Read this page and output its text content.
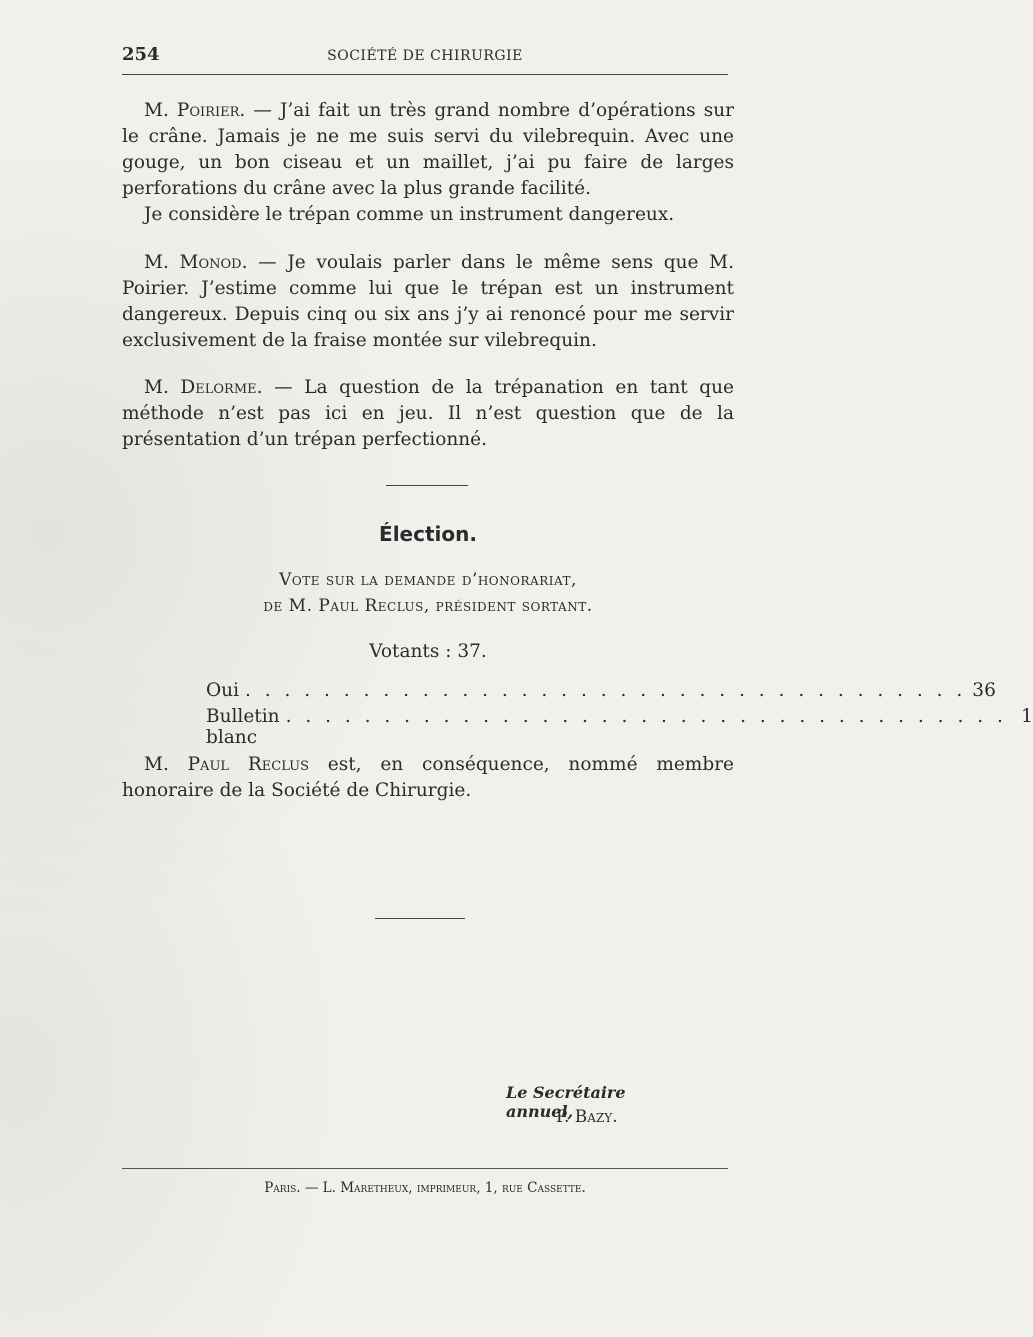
254	SOCIÉTÉ DE CHIRURGIE

M. Poirier. — J’ai fait un très grand nombre d’opérations sur le crâne. Jamais je ne me suis servi du vilebrequin. Avec une gouge, un bon ciseau et un maillet, j’ai pu faire de larges perforations du crâne avec la plus grande facilité.

Je considère le trépan comme un instrument dangereux.

M. Monod. — Je voulais parler dans le même sens que M. Poirier. J’estime comme lui que le trépan est un instrument dangereux. Depuis cinq ou six ans j’y ai renoncé pour me servir exclusivement de la fraise montée sur vilebrequin.

M. Delorme. — La question de la trépanation en tant que méthode n’est pas ici en jeu. Il n’est question que de la présentation d’un trépan perfectionné.

Élection.
Vote sur la demande d’honorariat,
de M. Paul Reclus, président sortant.
Votants : 37.
Oui . . . . . . . . . . . . . . . . . . . . . . . . . . . . . . . . . . . . . 36
Bulletin blanc
. . . . . . . . . . . . . . . . . . . . . . . . . . . . . . . . . . . . . 1

M. Paul Reclus est, en conséquence, nommé membre honoraire de la Société de Chirurgie.

Le Secrétaire annuel,
P. Bazy.
Paris. — L. Maretheux, imprimeur, 1, rue Cassette.
